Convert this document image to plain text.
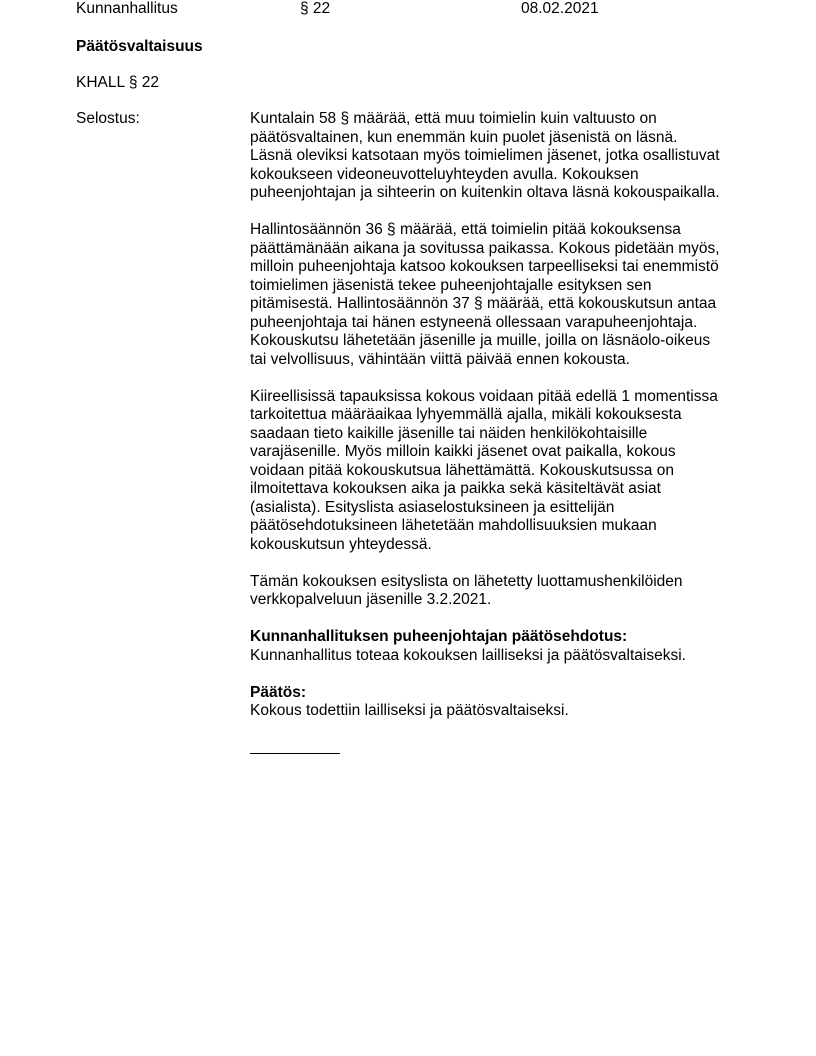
Kunnanhallitus	§ 22	08.02.2021
Päätösvaltaisuus
KHALL § 22
Selostus:	Kuntalain 58 § määrää, että muu toimielin kuin valtuusto on
päätösvaltainen, kun enemmän kuin puolet jäsenistä on läsnä.
Läsnä oleviksi katsotaan myös toimielimen jäsenet, jotka osallistuvat
kokoukseen videoneuvotteluyhteyden avulla. Kokouksen
puheenjohtajan ja sihteerin on kuitenkin oltava läsnä kokouspaikalla.
Hallintosäännön 36 § määrää, että toimielin pitää kokouksensa
päättämänään aikana ja sovitussa paikassa. Kokous pidetään myös,
milloin puheenjohtaja katsoo kokouksen tarpeelliseksi tai enemmistö
toimielimen jäsenistä tekee puheenjohtajalle esityksen sen
pitämisestä. Hallintosäännön 37 § määrää, että kokouskutsun antaa
puheenjohtaja tai hänen estyneenä ollessaan varapuheenjohtaja.
Kokouskutsu lähetetään jäsenille ja muille, joilla on läsnäolo-oikeus
tai velvollisuus, vähintään viittä päivää ennen kokousta.
Kiireellisissä tapauksissa kokous voidaan pitää edellä 1 momentissa
tarkoitettua määräaikaa lyhyemmällä ajalla, mikäli kokouksesta
saadaan tieto kaikille jäsenille tai näiden henkilökohtaisille
varajäsenille. Myös milloin kaikki jäsenet ovat paikalla, kokous
voidaan pitää kokouskutsua lähettämättä. Kokouskutsussa on
ilmoitettava kokouksen aika ja paikka sekä käsiteltävät asiat
(asialista). Esityslista asiaselostuksineen ja esittelijän
päätösehdotuksineen lähetetään mahdollisuuksien mukaan
kokouskutsun yhteydessä.
Tämän kokouksen esityslista on lähetetty luottamushenkilöiden
verkkopalveluun jäsenille 3.2.2021.
Kunnanhallituksen puheenjohtajan päätösehdotus:
Kunnanhallitus toteaa kokouksen lailliseksi ja päätösvaltaiseksi.
Päätös:
Kokous todettiin lailliseksi ja päätösvaltaiseksi.
